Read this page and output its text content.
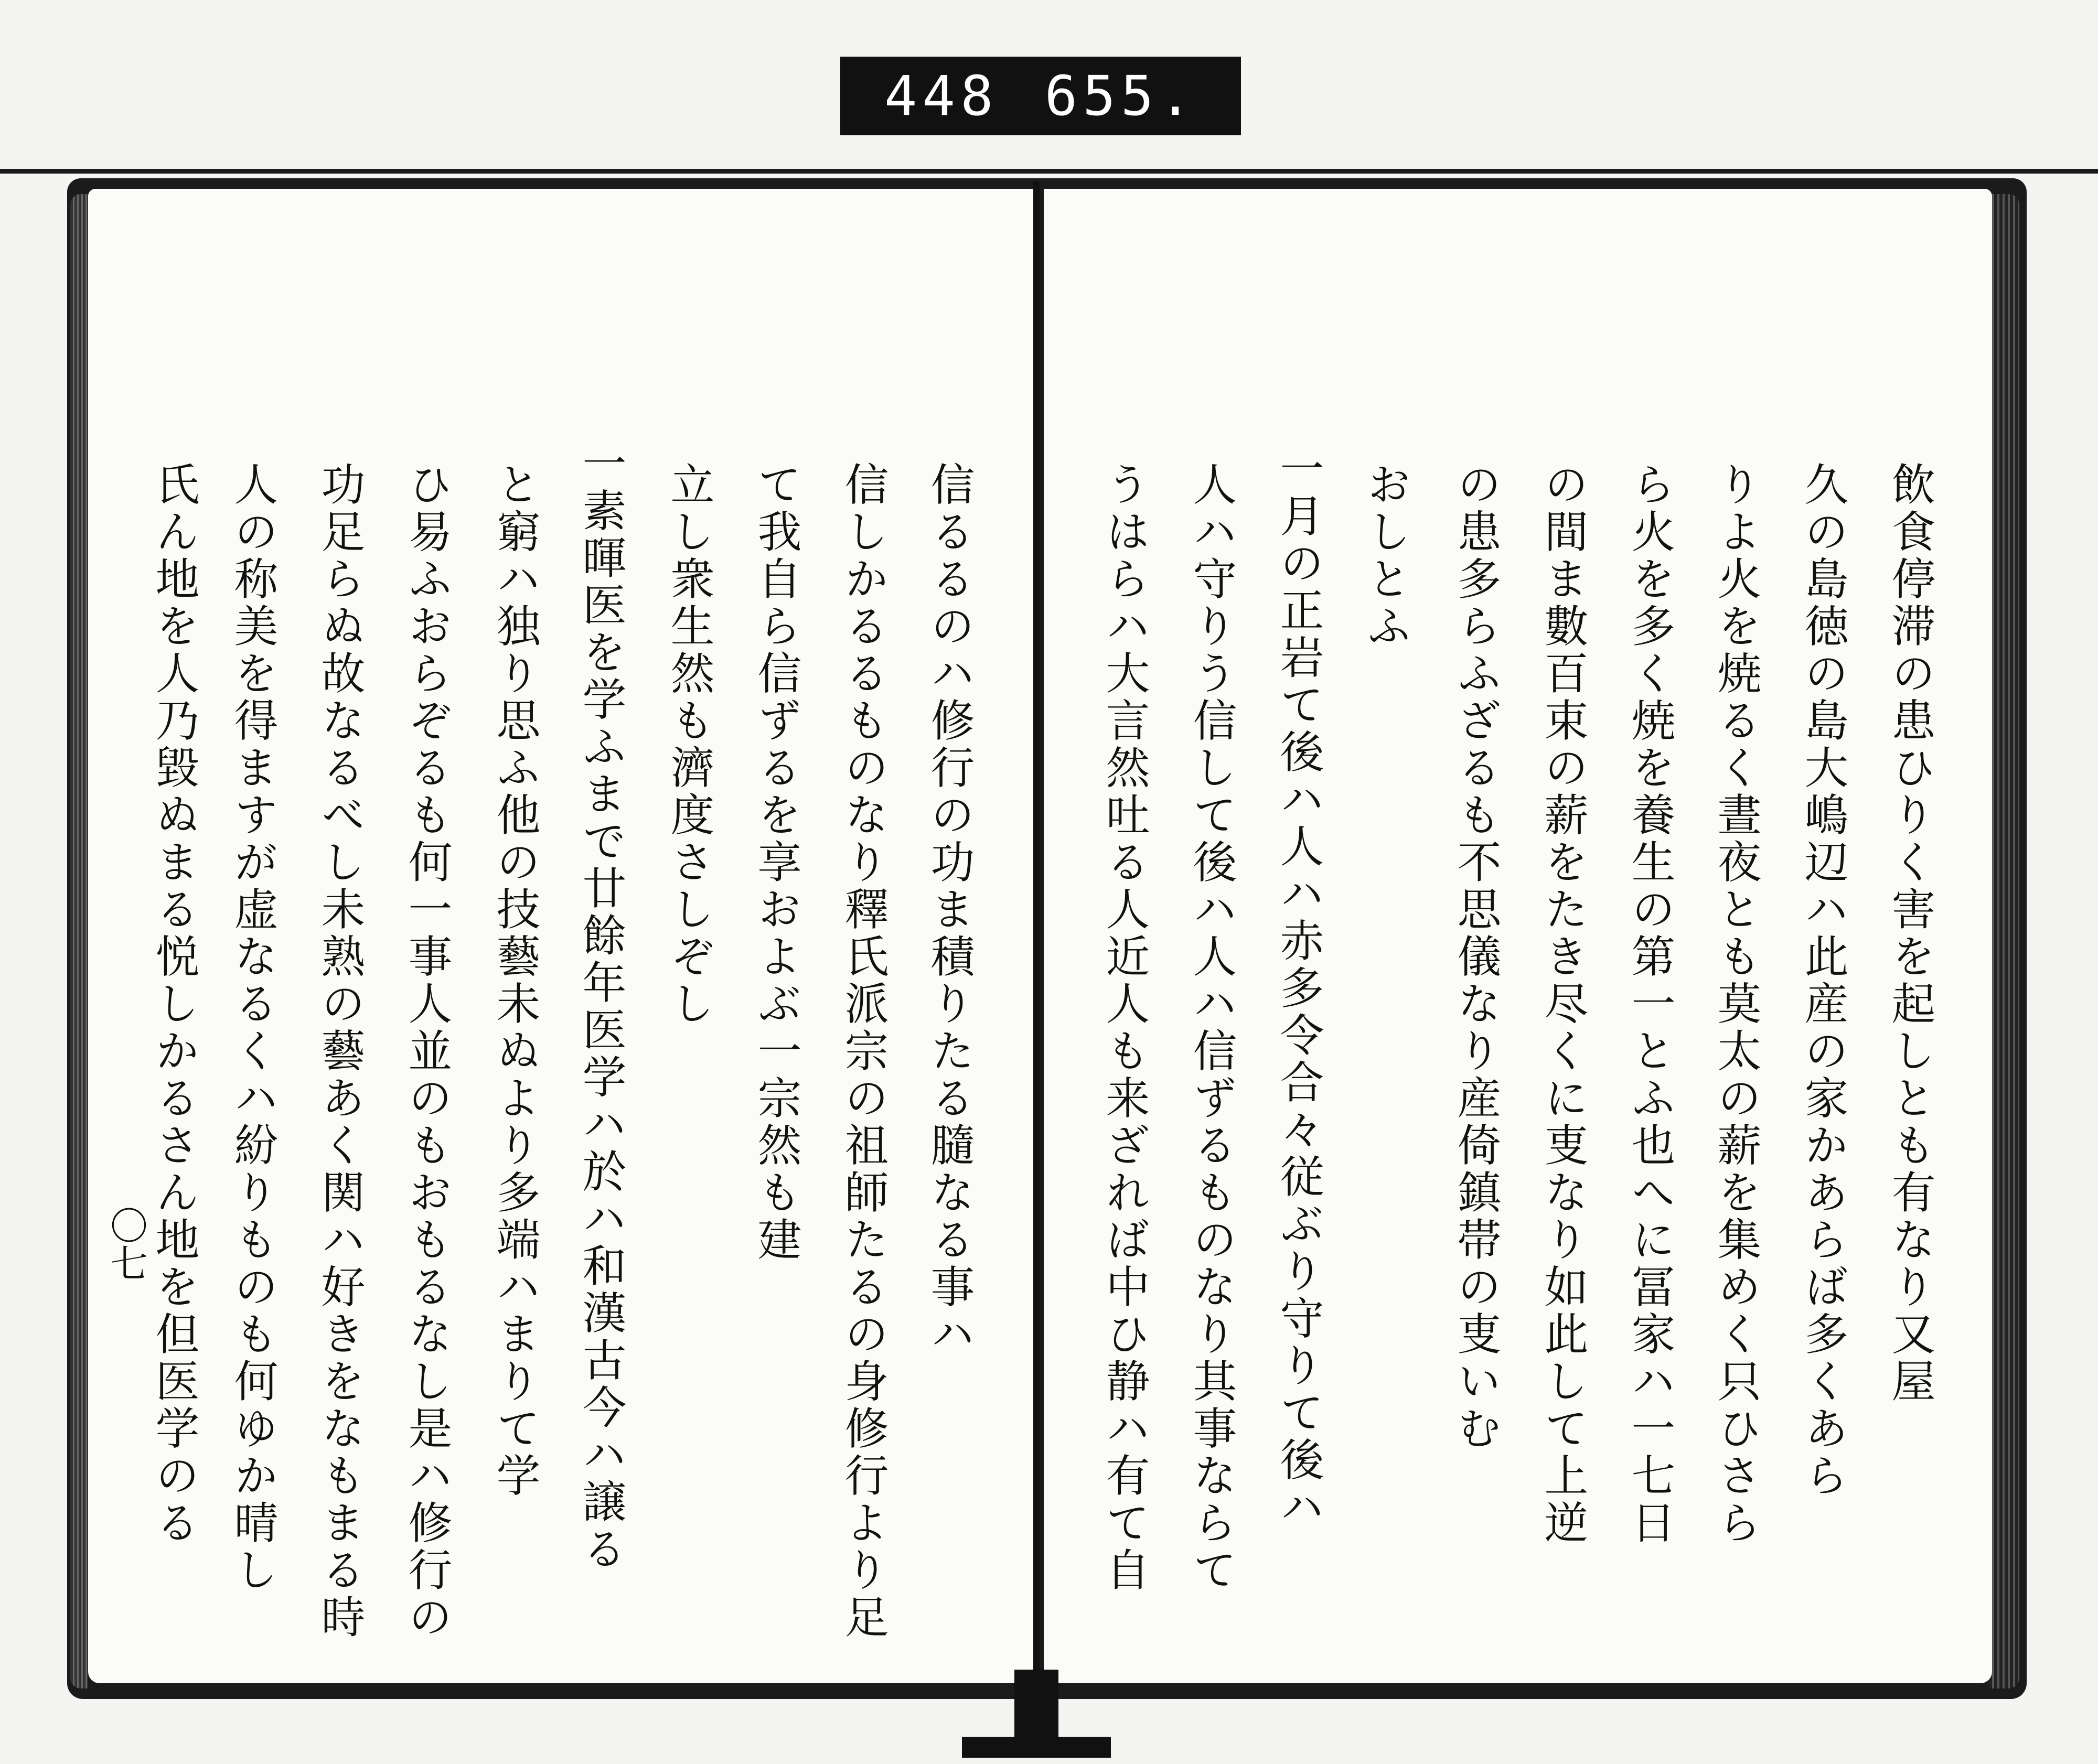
448 655.
飲食停滞の患ひりく害を起しとも有なり又屋
久の島徳の島大嶋辺ハ此産の家かあらば多くあら
りよ火を焼るく晝夜とも莫太の薪を集めく只ひさら
ら火を多く焼を養生の第一とふ也へに冨家ハ一七日
の間ま數百束の薪をたき尽くに叓なり如此して上逆
の患多らふざるも不思儀なり産倚鎮帯の叓いむ
おしとふ
一月の正岩て後ハ人ハ赤多令合々従ぶり守りて後ハ
人ハ守りう信して後ハ人ハ信ずるものなり其事ならて
うはらハ大言然吐る人近人も来ざれば中ひ静ハ有て自
信るるのハ修行の功ま積りたる膸なる事ハ
信しかるるものなり釋氏派宗の祖師たるの身修行より足
て我自ら信ずるを享およぶ一宗然も建
立し衆生然も濟度さしぞし
一素暉医を学ふまで廿餘年医学ハ於ハ和漢古今ハ譲る
と窮ハ独り思ふ他の技藝未ぬより多端ハまりて学
ひ易ふおらぞるも何一事人並のもおもるなし是ハ修行の
功足らぬ故なるべし未熟の藝あく関ハ好きをなもまる時
人の称美を得ますが虚なるくハ紛りものも何ゆか晴し
氏ん地を人乃毀ぬまる悦しかるさん地を但医学のる
〇七
